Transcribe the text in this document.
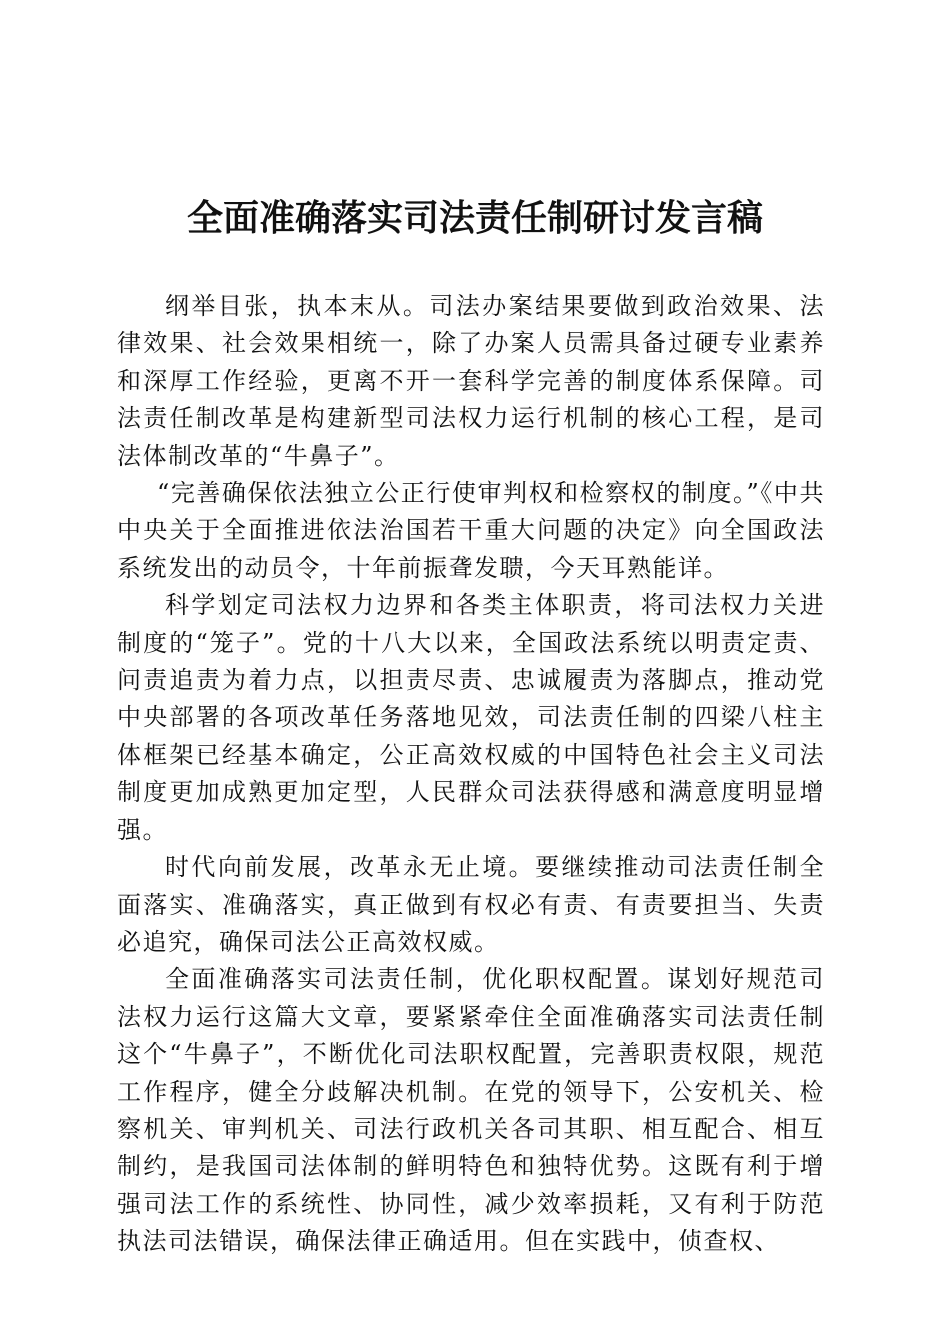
全面准确落实司法责任制研讨发言稿

纲举目张，执本末从。司法办案结果要做到政治效果、法律效果、社会效果相统一，除了办案人员需具备过硬专业素养和深厚工作经验，更离不开一套科学完善的制度体系保障。司法责任制改革是构建新型司法权力运行机制的核心工程，是司法体制改革的“牛鼻子”。

“完善确保依法独立公正行使审判权和检察权的制度。”《中共中央关于全面推进依法治国若干重大问题的决定》向全国政法系统发出的动员令，十年前振聋发聩，今天耳熟能详。

科学划定司法权力边界和各类主体职责，将司法权力关进制度的“笼子”。党的十八大以来，全国政法系统以明责定责、问责追责为着力点，以担责尽责、忠诚履责为落脚点，推动党中央部署的各项改革任务落地见效，司法责任制的四梁八柱主体框架已经基本确定，公正高效权威的中国特色社会主义司法制度更加成熟更加定型，人民群众司法获得感和满意度明显增强。

时代向前发展，改革永无止境。要继续推动司法责任制全面落实、准确落实，真正做到有权必有责、有责要担当、失责必追究，确保司法公正高效权威。

全面准确落实司法责任制，优化职权配置。谋划好规范司法权力运行这篇大文章，要紧紧牵住全面准确落实司法责任制这个“牛鼻子”，不断优化司法职权配置，完善职责权限，规范工作程序，健全分歧解决机制。在党的领导下，公安机关、检察机关、审判机关、司法行政机关各司其职、相互配合、相互制约，是我国司法体制的鲜明特色和独特优势。这既有利于增强司法工作的系统性、协同性，减少效率损耗，又有利于防范执法司法错误，确保法律正确适用。但在实践中，侦查权、
